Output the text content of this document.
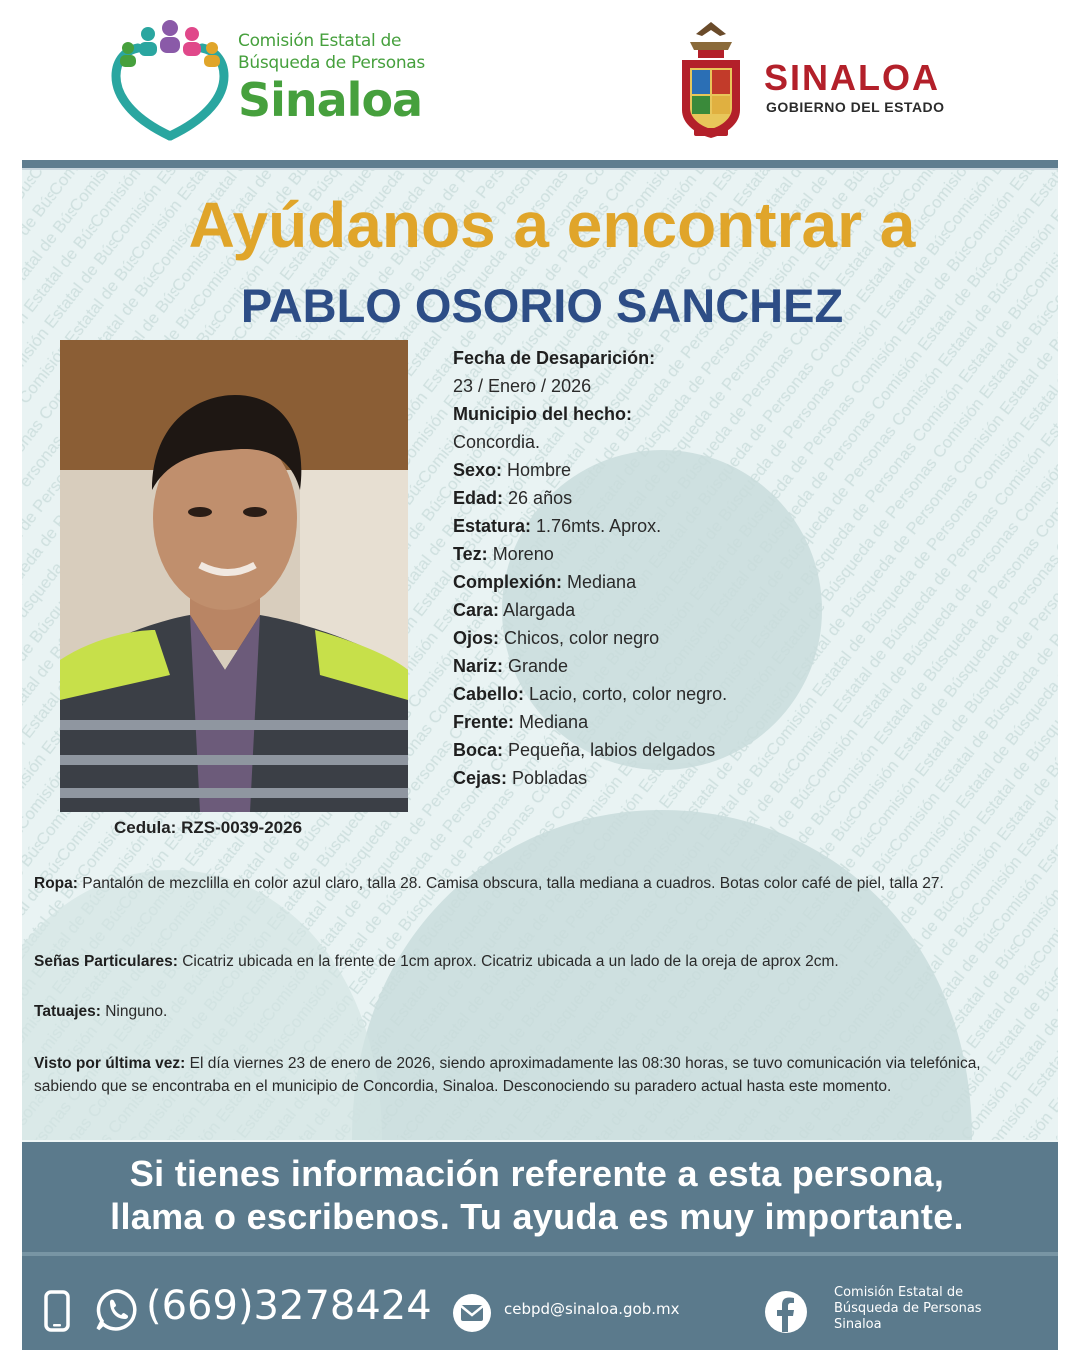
Comisión Estatal de
Búsqueda de Personas
Sinaloa	SINALOA
GOBIERNO DEL ESTADO
Ayúdanos a encontrar a
PABLO OSORIO SANCHEZ
Cedula: RZS-0039-2026
Fecha de Desaparición:
23 / Enero / 2026
Municipio del hecho:
Concordia.
Sexo: Hombre
Edad: 26 años
Estatura: 1.76mts. Aprox.
Tez: Moreno
Complexión: Mediana
Cara: Alargada
Ojos: Chicos, color negro
Nariz: Grande
Cabello: Lacio, corto, color negro.
Frente: Mediana
Boca: Pequeña, labios delgados
Cejas: Pobladas
Ropa: Pantalón de mezclilla en color azul claro, talla 28. Camisa obscura, talla mediana a cuadros. Botas color café de piel, talla 27.
Señas Particulares: Cicatriz ubicada en la frente de 1cm aprox. Cicatriz ubicada a un lado de la oreja de aprox 2cm.
Tatuajes: Ninguno.
Visto por última vez: El día viernes 23 de enero de 2026, siendo aproximadamente las 08:30 horas, se tuvo comunicación via telefónica, sabiendo que se encontraba en el municipio de Concordia, Sinaloa. Desconociendo su paradero actual hasta este momento.
Si tienes información referente a esta persona,
llama o escribenos. Tu ayuda es muy importante.
(669)3278424	cebpd@sinaloa.gob.mx
Comisión Estatal de
Búsqueda de Personas
Sinaloa
